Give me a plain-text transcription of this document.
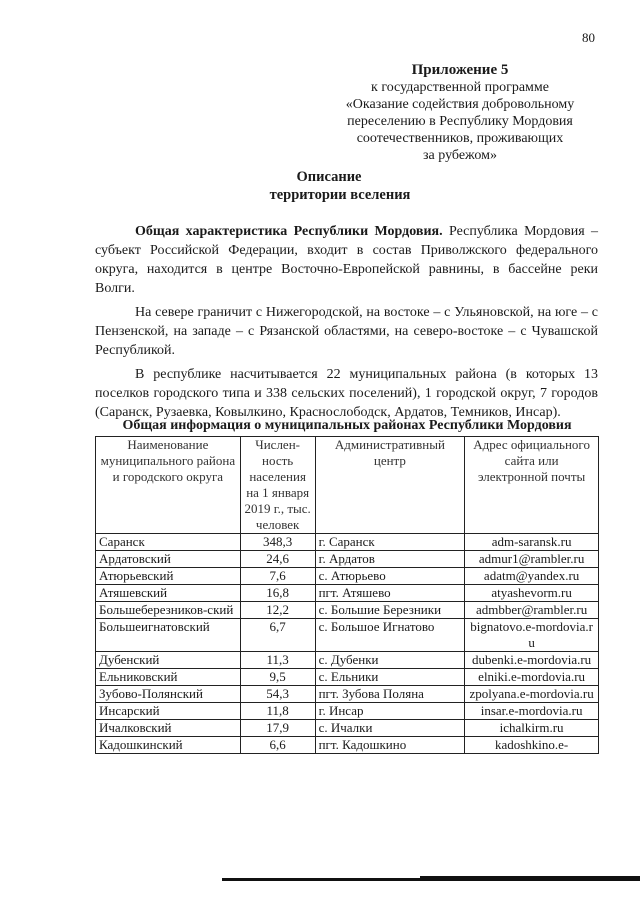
80
Приложение 5
к государственной программе
«Оказание содействия добровольному
переселению в Республику Мордовия
соотечественников, проживающих
за рубежом»
Описание
территории вселения

Общая характеристика Республики Мордовия. Республика Мордовия – субъект Российской Федерации, входит в состав Приволжского федерального округа, находится в центре Восточно-Европейской равнины, в бассейне реки Волги.

На севере граничит с Нижегородской, на востоке – с Ульяновской, на юге – с Пензенской, на западе – с Рязанской областями, на северо-востоке – с Чувашской Республикой.

В республике насчитывается 22 муниципальных района (в которых 13 поселков городского типа и 338 сельских поселений), 1 городской округ, 7 городов (Саранск, Рузаевка, Ковылкино, Краснослободск, Ардатов, Темников, Инсар).

Общая информация о муниципальных районах Республики Мордовия
Наименование муниципального района и городского округа	Числен-ность населения на 1 января 2019 г., тыс. человек	Административный центр	Адрес официального сайта или электронной почты
Саранск	348,3	г. Саранск	adm-saransk.ru
Ардатовский	24,6	г. Ардатов	admur1@rambler.ru
Атюрьевский	7,6	с. Атюрьево	adatm@yandex.ru
Атяшевский	16,8	пгт. Атяшево	atyashevorm.ru
Большеберезников-ский	12,2	с. Большие Березники	admbber@rambler.ru
Большеигнатовский	6,7	с. Большое Игнатово	bignatovo.e-mordovia.ru
Дубенский	11,3	с. Дубенки	dubenki.e-mordovia.ru
Ельниковский	9,5	с. Ельники	elniki.e-mordovia.ru
Зубово-Полянский	54,3	пгт. Зубова Поляна	zpolyana.e-mordovia.ru
Инсарский	11,8	г. Инсар	insar.e-mordovia.ru
Ичалковский	17,9	с. Ичалки	ichalkirm.ru
Кадошкинский	6,6	пгт. Кадошкино	kadoshkino.e-
